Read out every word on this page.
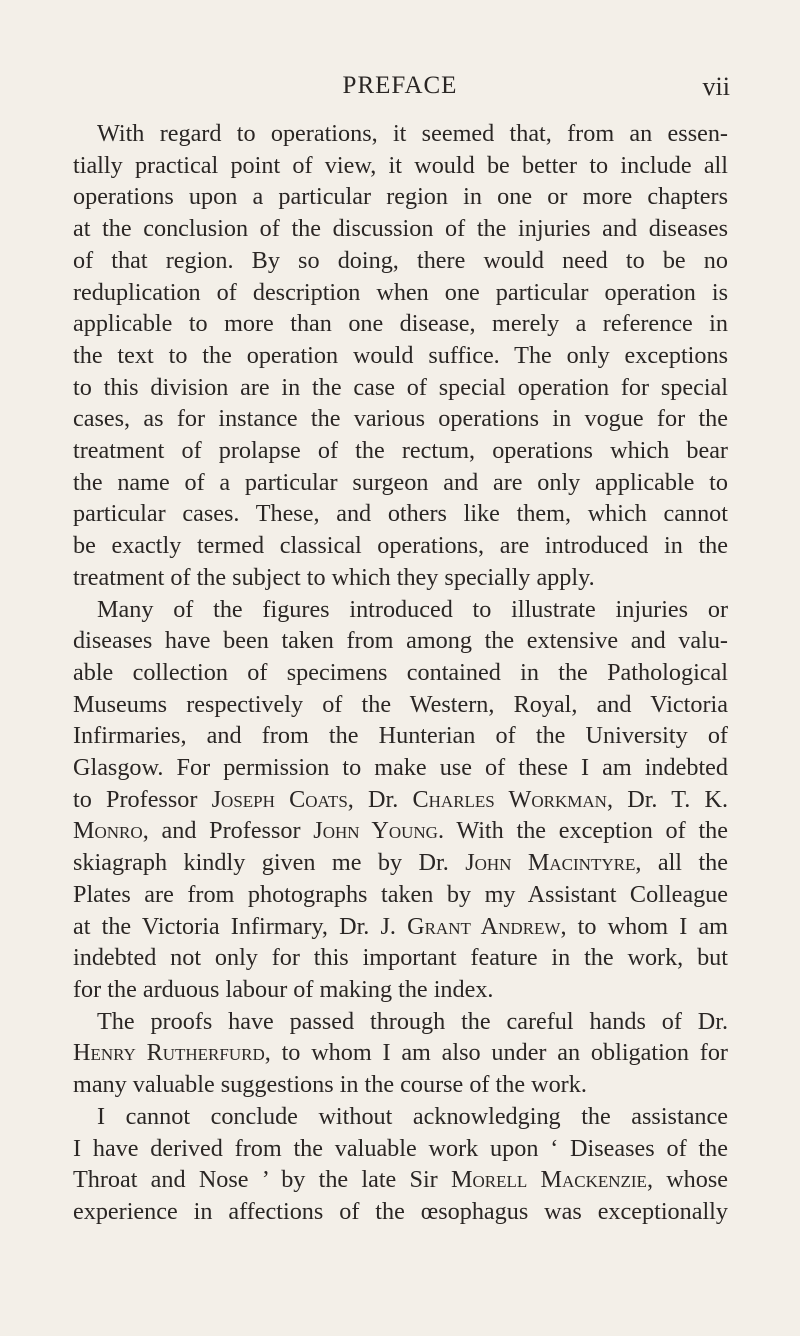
PREFACE	vii
With regard to operations, it seemed that, from an essen-
tially practical point of view, it would be better to include all
operations upon a particular region in one or more chapters
at the conclusion of the discussion of the injuries and diseases
of that region. By so doing, there would need to be no
reduplication of description when one particular operation is
applicable to more than one disease, merely a reference in
the text to the operation would suffice. The only exceptions
to this division are in the case of special operation for special
cases, as for instance the various operations in vogue for the
treatment of prolapse of the rectum, operations which bear
the name of a particular surgeon and are only applicable to
particular cases. These, and others like them, which cannot
be exactly termed classical operations, are introduced in the
treatment of the subject to which they specially apply.
Many of the figures introduced to illustrate injuries or
diseases have been taken from among the extensive and valu-
able collection of specimens contained in the Pathological
Museums respectively of the Western, Royal, and Victoria
Infirmaries, and from the Hunterian of the University of
Glasgow. For permission to make use of these I am indebted
to Professor Joseph Coats, Dr. Charles Workman, Dr. T. K.
Monro, and Professor John Young. With the exception of the
skiagraph kindly given me by Dr. John Macintyre, all the
Plates are from photographs taken by my Assistant Colleague
at the Victoria Infirmary, Dr. J. Grant Andrew, to whom I am
indebted not only for this important feature in the work, but
for the arduous labour of making the index.
The proofs have passed through the careful hands of Dr.
Henry Rutherfurd, to whom I am also under an obligation for
many valuable suggestions in the course of the work.
I cannot conclude without acknowledging the assistance
I have derived from the valuable work upon ‘ Diseases of the
Throat and Nose ’ by the late Sir Morell Mackenzie, whose
experience in affections of the œsophagus was exceptionally
